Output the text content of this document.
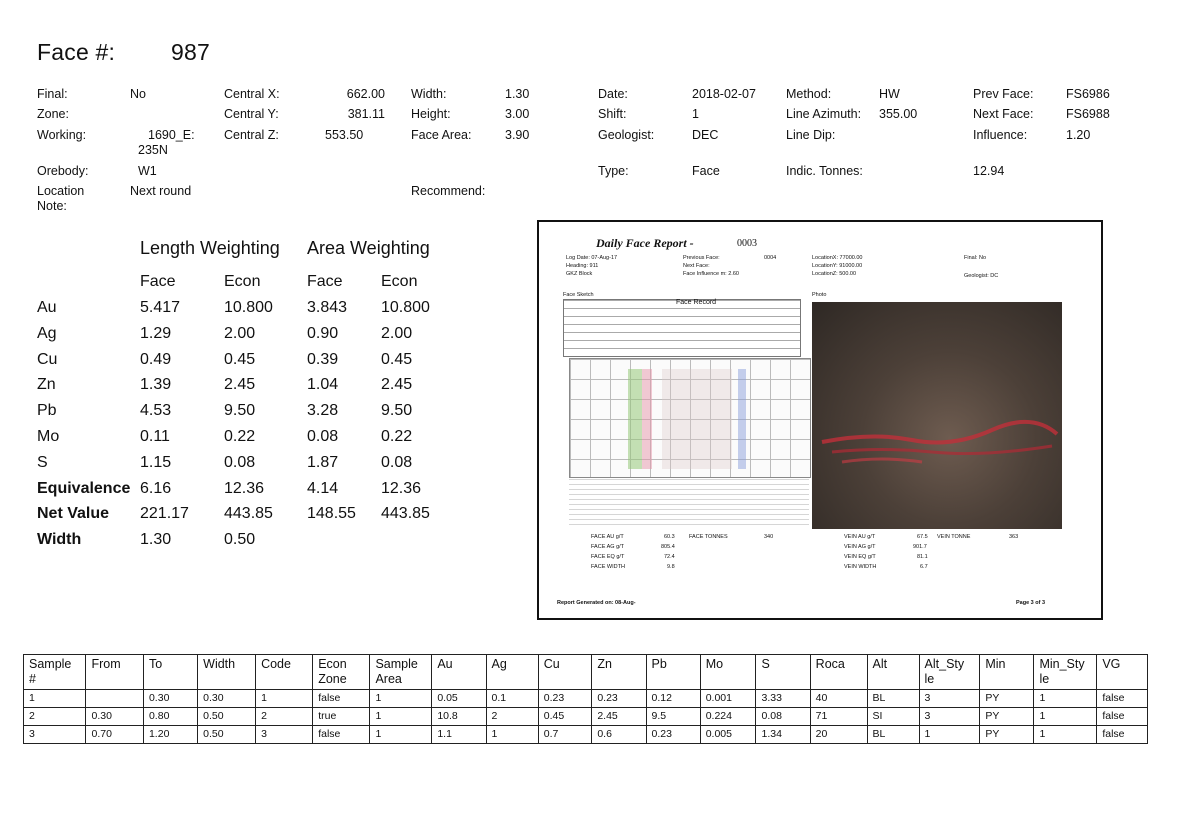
Face #: 987
Final:	No
Zone:
Working:	1690_E:
235N
Orebody:	W1
Location
Note:
Next round
Central X:	662.00
Central Y:	381.11
Central Z:	553.50
Width:	1.30
Height:	3.00
Face Area:	3.90
Recommend:
Date:	2018-02-07
Shift:	1
Geologist:	DEC
Type:	Face
Method:	HW
Line Azimuth: 355.00
Line Dip:
Indic. Tonnes:
Prev Face:	FS6986
Next Face:	FS6988
Influence:	1.20
12.94
Length Weighting Area Weighting
Face	Econ	Face Econ
Au	5.417	10.800 3.843 10.800
Ag	1.29	2.00	0.90	2.00
Cu	0.49	0.45	0.39	0.45
Zn	1.39	2.45	1.04	2.45
Pb	4.53	9.50	3.28	9.50
Mo	0.11	0.22	0.08	0.22
S	1.15	0.08	1.87	0.08
Equivalence 6.16	12.36	4.14	12.36
Net Value 221.17 443.85 148.55 443.85
Width	1.30	0.50
Daily Face Report -	0003
Log Date: 07-Aug-17
Heading: 911
GKZ Block
Previous Face:	0004
Next Face:
Face Influence m: 2.60
LocationX: 77000.00
LocationY: 91000.00
LocationZ: 500.00
Final: No
Geologist: DC
Face Sketch	Photo
Face Record
FACE AU g/T	60.3
FACE AG g/T	805.4
FACE EQ g/T	72.4
FACE WIDTH	9.8
FACE TONNES	340	VEIN AU g/T	67.5
VEIN AG g/T	901.7
VEIN EQ g/T	81.1
VEIN WIDTH	6.7
VEIN TONNE	363
Report Generated on: 08-Aug-	Page 3 of 3
Sample
#	From	To	Width	Code	Econ
Zone	Sample
Area	Au	Ag	Cu	Zn	Pb	Mo	S	Roca	Alt	Alt_Sty
le	Min	Min_Sty
le	VG

1		0.30	0.30	1	false	1	0.05	0.1	0.23	0.23	0.12	0.001	3.33	40	BL	3	PY	1	false
2	0.30	0.80	0.50	2	true	1	10.8	2	0.45	2.45	9.5	0.224	0.08	71	SI	3	PY	1	false
3	0.70	1.20	0.50	3	false	1	1.1	1	0.7	0.6	0.23	0.005	1.34	20	BL	1	PY	1	false
